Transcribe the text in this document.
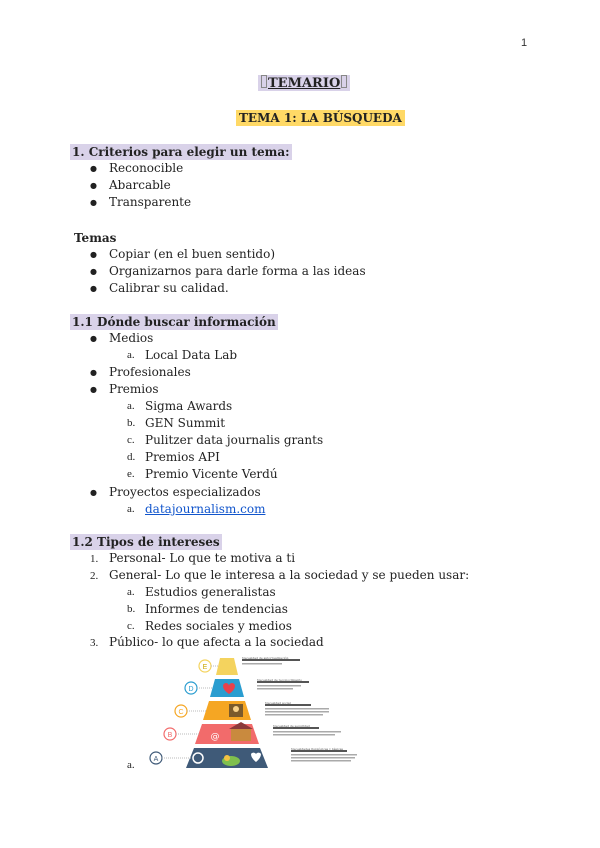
1
TEMARIO
TEMA 1: LA BÚSQUEDA
1. Criterios para elegir un tema:
● Reconocible
● Abarcable
● Transparente
Temas
● Copiar (en el buen sentido)
● Organizarnos para darle forma a las ideas
● Calibrar su calidad.
1.1 Dónde buscar información
● Medios
a. Local Data Lab
● Profesionales
● Premios
a. Sigma Awards
b. GEN Summit
c. Pulitzer data journalis grants
d. Premios API
e. Premio Vicente Verdú
● Proyectos especializados
a. datajournalism.com
1.2 Tipos de intereses
1. Personal- Lo que te motiva a ti
2. General- Lo que le interesa a la sociedad y se pueden usar:
a. Estudios generalistas
b. Informes de tendencias
c. Redes sociales y medios
3. Público- lo que afecta a la sociedad
E
D
C
@
B
A
Necesidad de autorrealización
Necesidad de reconocimiento
Necesidad social
Necesidad de seguridad
Necesidades fisiológicas y básicas
a.
